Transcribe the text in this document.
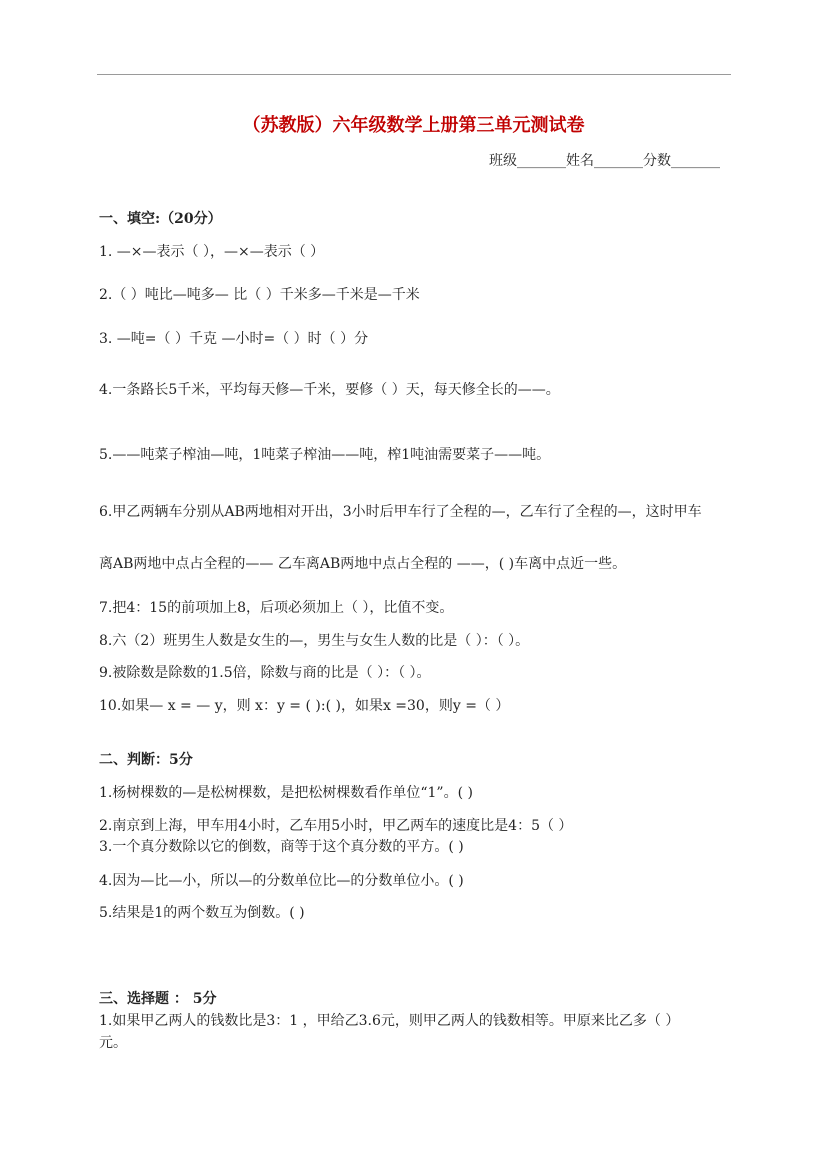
（苏教版）六年级数学上册第三单元测试卷
班级_______姓名_______分数_______
一、填空:（20分）
1. —×—表示（ ），—×—表示（ ）
2.（ ）吨比—吨多— 比（ ）千米多—千米是—千米
3. —吨=（ ）千克 —小时=（ ）时（ ）分
4.一条路长5千米，平均每天修—千米，要修（ ）天，每天修全长的——。
5.——吨菜子榨油—吨，1吨菜子榨油——吨，榨1吨油需要菜子——吨。
6.甲乙两辆车分别从AB两地相对开出，3小时后甲车行了全程的—，乙车行了全程的—，这时甲车
离AB两地中点占全程的—— 乙车离AB两地中点占全程的 ——，( )车离中点近一些。
7.把4：15的前项加上8，后项必须加上（ ），比值不变。
8.六（2）班男生人数是女生的—，男生与女生人数的比是（ ）：（ ）。
9.被除数是除数的1.5倍，除数与商的比是（ ）：（ ）。
10.如果— x = — y，则 x：y = ( ):( )，如果x =30，则y =（ ）
二、判断：5分
1.杨树棵数的—是松树棵数，是把松树棵数看作单位“1”。( )
2.南京到上海，甲车用4小时，乙车用5小时，甲乙两车的速度比是4：5（ ）
3.一个真分数除以它的倒数，商等于这个真分数的平方。( )
4.因为—比—小，所以—的分数单位比—的分数单位小。( )
5.结果是1的两个数互为倒数。( )
三、选择题 ： 5分
1.如果甲乙两人的钱数比是3：1 ，甲给乙3.6元，则甲乙两人的钱数相等。甲原来比乙多（ ）
元。
